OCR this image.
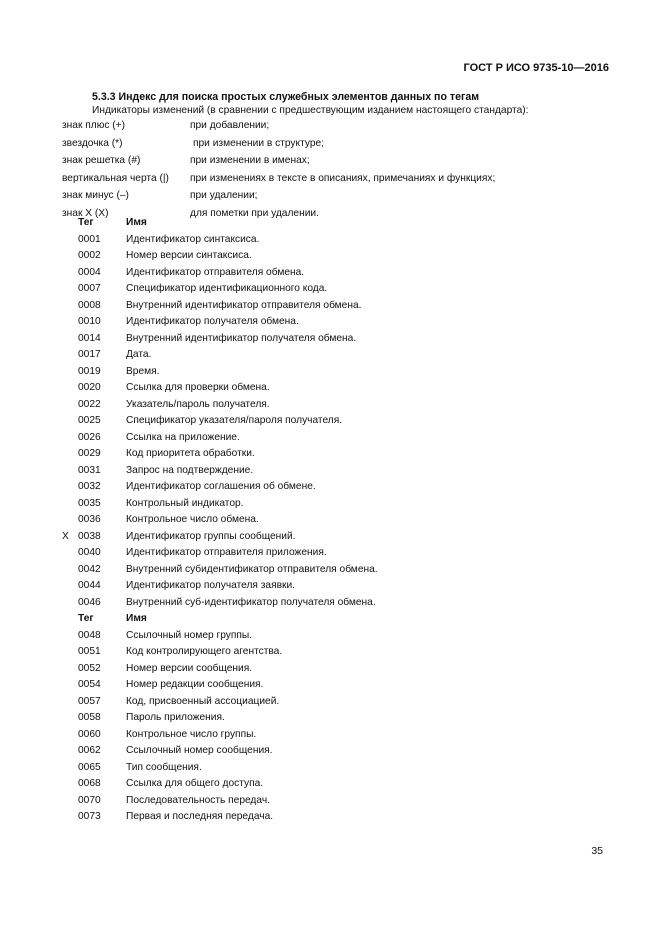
ГОСТ Р ИСО 9735-10—2016
5.3.3 Индекс для поиска простых служебных элементов данных по тегам
Индикаторы изменений (в сравнении с предшествующим изданием настоящего стандарта):
знак плюс (+)	при добавлении;
звездочка (*)	при изменении в структуре;
знак решетка (#)	при изменении в именах;
вертикальная черта (|) при изменениях в тексте в описаниях, примечаниях и функциях;
знак минус (–)	при удалении;
знак X (X)	для пометки при удалении.
Тег	Имя
0001 Идентификатор синтаксиса.
0002 Номер версии синтаксиса.
0004 Идентификатор отправителя обмена.
0007 Спецификатор идентификационного кода.
0008 Внутренний идентификатор отправителя обмена.
0010 Идентификатор получателя обмена.
0014 Внутренний идентификатор получателя обмена.
0017 Дата.
0019 Время.
0020 Ссылка для проверки обмена.
0022 Указатель/пароль получателя.
0025 Спецификатор указателя/пароля получателя.
0026 Ссылка на приложение.
0029 Код приоритета обработки.
0031 Запрос на подтверждение.
0032 Идентификатор соглашения об обмене.
0035 Контрольный индикатор.
0036 Контрольное число обмена.
X 0038 Идентификатор группы сообщений.
0040 Идентификатор отправителя приложения.
0042 Внутренний субидентификатор отправителя обмена.
0044 Идентификатор получателя заявки.
0046 Внутренний суб-идентификатор получателя обмена.
Тег	Имя
0048 Ссылочный номер группы.
0051 Код контролирующего агентства.
0052 Номер версии сообщения.
0054 Номер редакции сообщения.
0057 Код, присвоенный ассоциацией.
0058 Пароль приложения.
0060 Контрольное число группы.
0062 Ссылочный номер сообщения.
0065 Тип сообщения.
0068 Ссылка для общего доступа.
0070 Последовательность передач.
0073 Первая и последняя передача.
35
